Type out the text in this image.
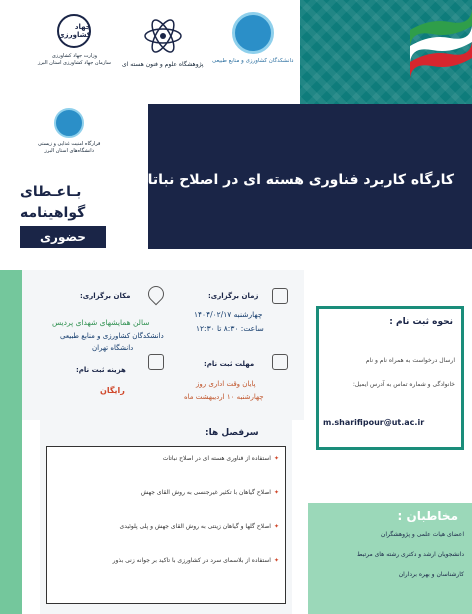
جهاد کشاورزی
وزارت جهاد کشاورزی
سازمان جهاد کشاورزی استان البرز پژوهشگاه علوم و فنون هسته ای دانشکدگان کشاورزی و منابع طبیعی
قرارگاه امنیت غذایی و زیستی
دانشگاه‌های استان البرز
کارگاه کاربرد فناوری هسته ای در اصلاح نباتات
بـاعـطای
گواهینامه
حضوری
مکان برگزاری:
سالن همایشهای شهدای پردیس
دانشکدگان کشاورزی و منابع طبیعی
دانشگاه تهران
زمان برگزاری:
چهارشنبه ۱۴۰۴/۰۲/۱۷
ساعت: ۸:۳۰ تا ۱۲:۳۰
هزینه ثبت نام:
رایگان
مهلت ثبت نام:
پایان وقت اداری روز
چهارشنبه ۱۰ اردیبهشت ماه
نحوه ثبت نام :
ارسال درخواست به همراه نام و نام
خانوادگی و شماره تماس به آدرس ایمیل:
m.sharifipour@ut.ac.ir
سرفصل ها:
✦استفاده از فناوری هسته ای در اصلاح نباتات
✦اصلاح گیاهان با تکثیر غیرجنسی به روش القای جهش
✦اصلاح گلها و گیاهان زینتی به روش القای جهش و پلی پلوئیدی
✦استفاده از بلاسمای سرد در کشاورزی با تاکید بر جوانه زنی بذور
مخاطبان :
اعضای هیات علمی و پژوهشگران
دانشجویان ارشد و دکتری رشته های مرتبط
کارشناسان و بهره برداران
